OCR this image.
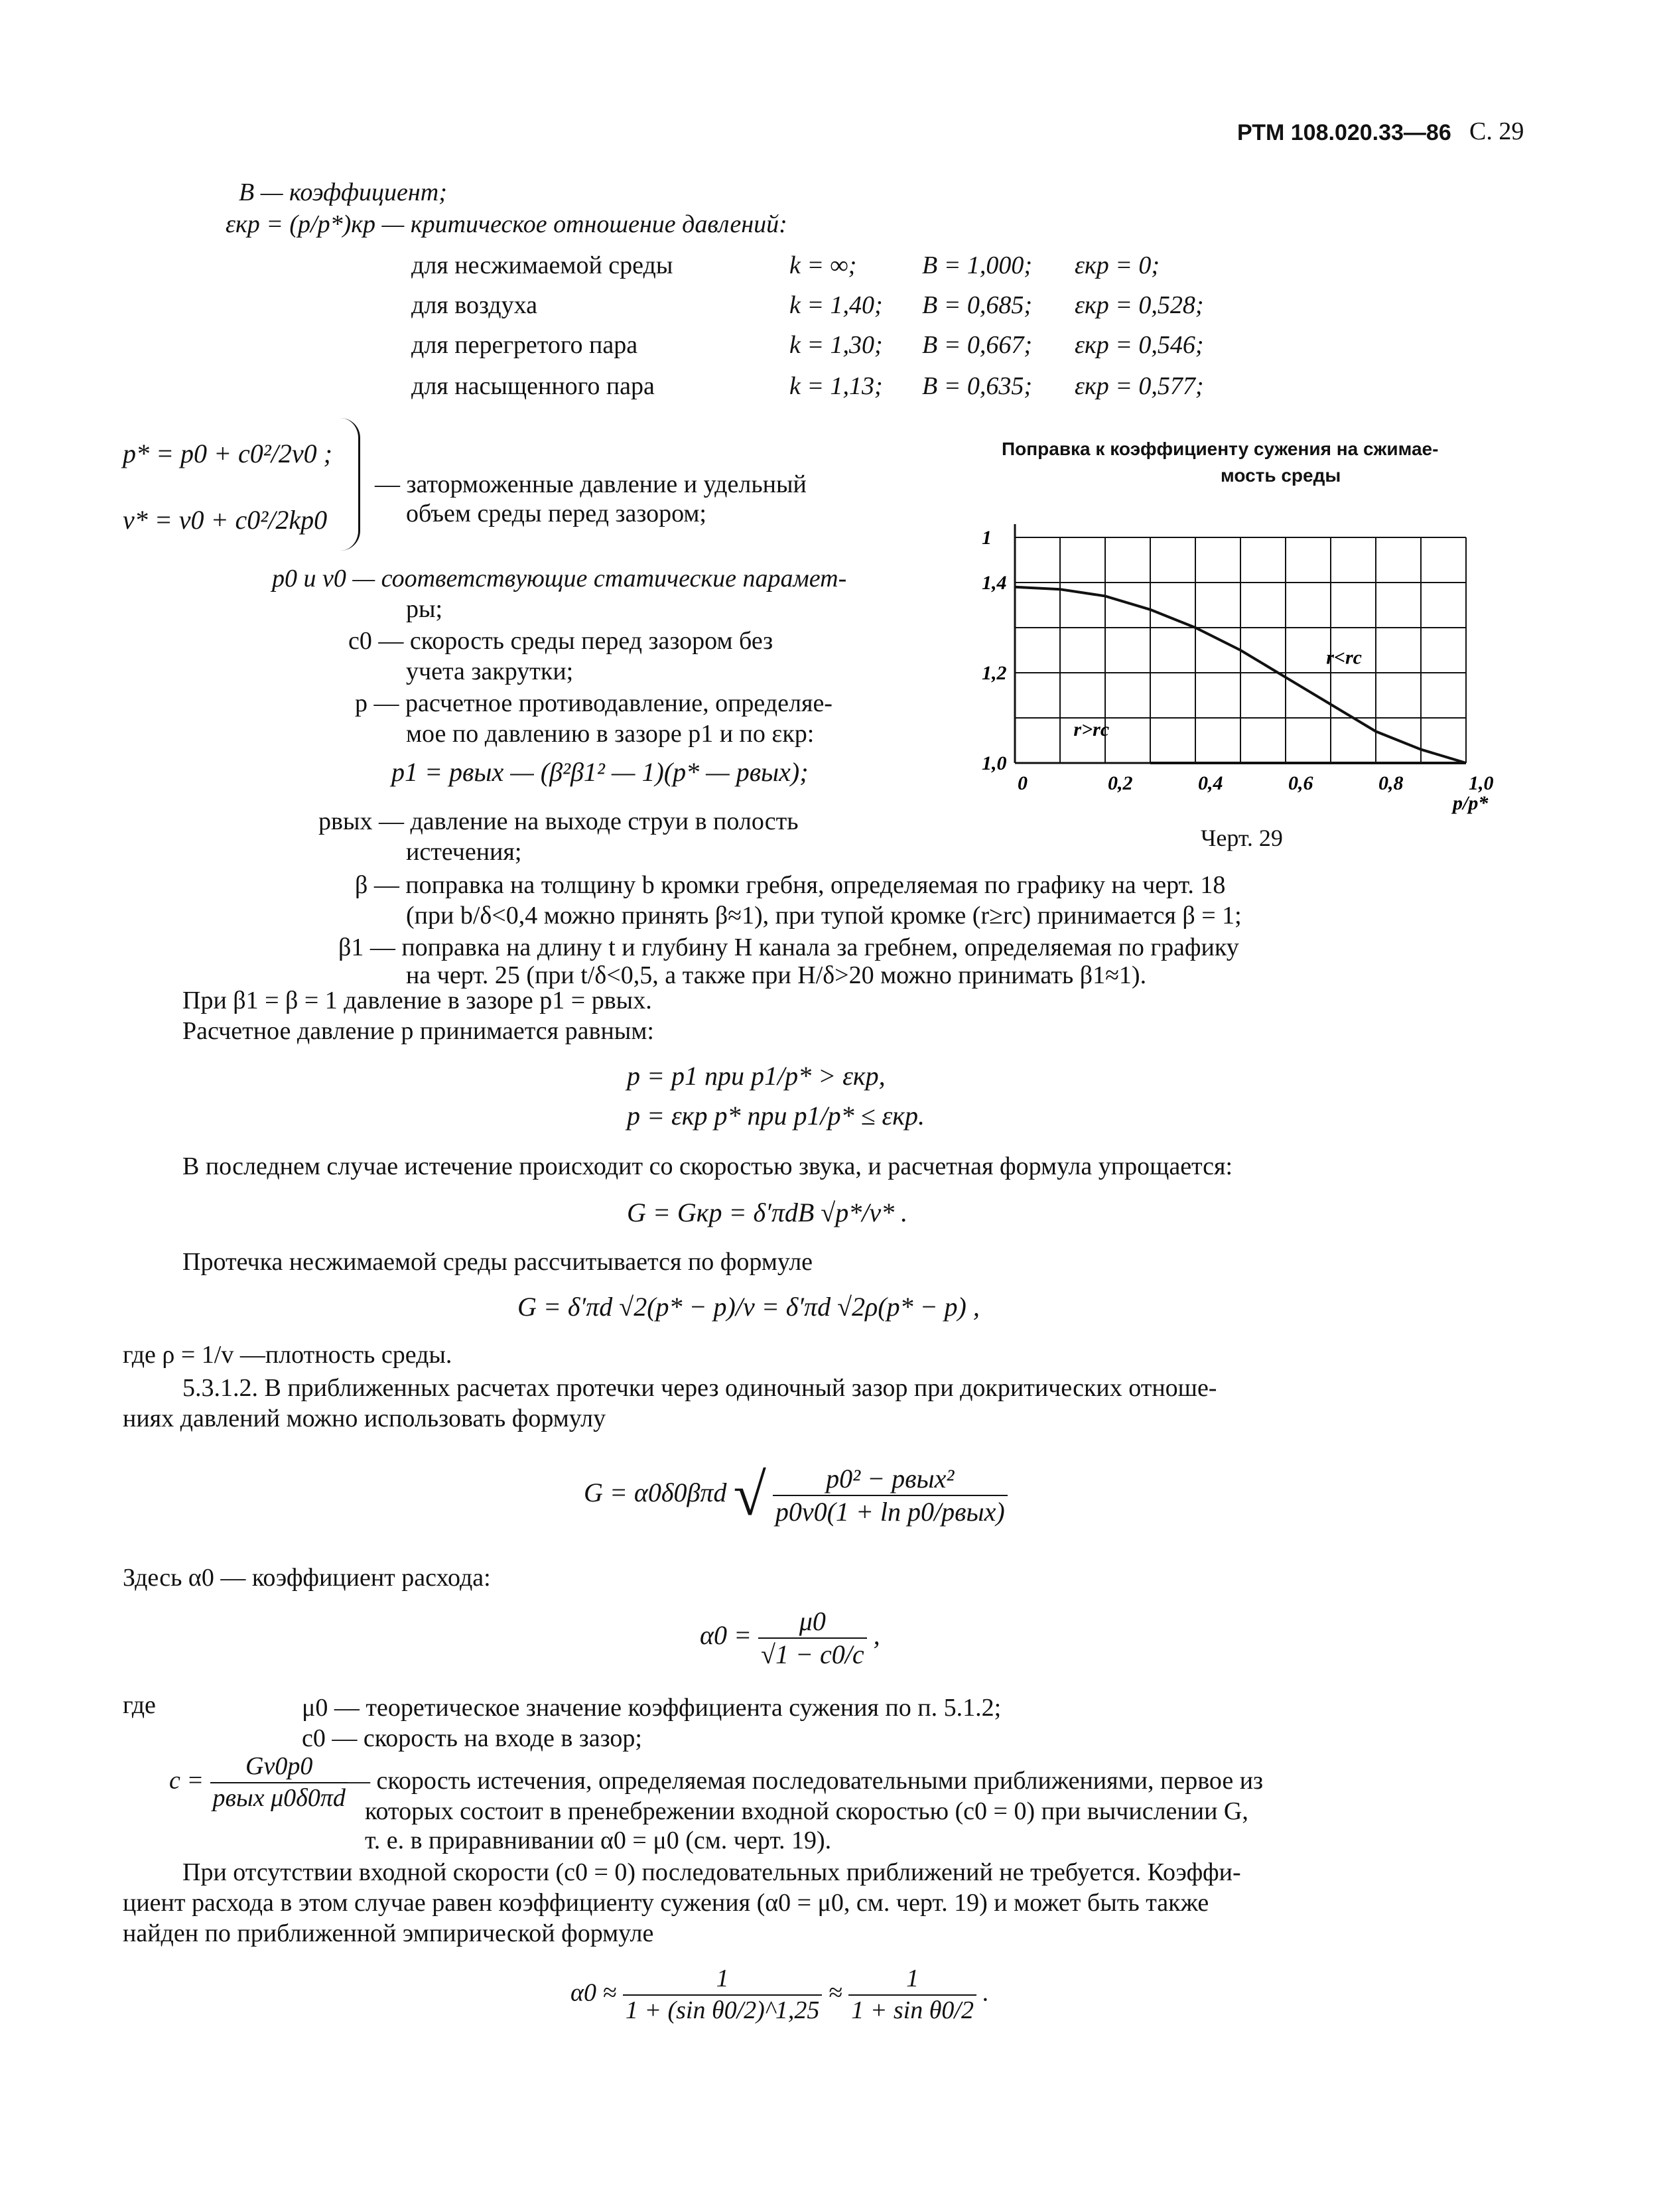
РТМ 108.020.33—86 С. 29
B — коэффициент;
εкр = (p/p*)кр — критическое отношение давлений:
для несжимаемой среды	k = ∞;	B = 1,000; εкр = 0;
для воздуха	k = 1,40; B = 0,685; εкр = 0,528;
для перегретого пара	k = 1,30; B = 0,667; εкр = 0,546;
для насыщенного пара	k = 1,13; B = 0,635; εкр = 0,577;
p* = p0 + c0²/2v0 ;
v* = v0 + c0²/2kp0
— заторможенные давление и удельный
объем среды перед зазором;
p0 и v0 — соответствующие статические парамет-
ры;
c0 — скорость среды перед зазором без
учета закрутки;
p — расчетное противодавление, определяе-
мое по давлению в зазоре p1 и по εкр:
p1 = pвых — (β²β1² — 1)(p* — pвых);
pвых — давление на выходе струи в полость
истечения;
β — поправка на толщину b кромки гребня, определяемая по графику на черт. 18
(при b/δ<0,4 можно принять β≈1), при тупой кромке (r≥rc) принимается β = 1;
β1 — поправка на длину t и глубину H канала за гребнем, определяемая по графику
на черт. 25 (при t/δ<0,5, а также при H/δ>20 можно принимать β1≈1).
Поправка к коэффициенту сужения на сжимае-
мость среды
0	0,2	0,4	0,6	0,8	1,0
1,0
1,2
1,4
1
p/p*
r>rc
r<rc
Черт. 29
При β1 = β = 1 давление в зазоре p1 = pвых.
Расчетное давление p принимается равным:
p = p1 при p1/p* > εкр,
p = εкр p* при p1/p* ≤ εкр.
В последнем случае истечение происходит со скоростью звука, и расчетная формула упрощается:
G = Gкр = δ′πdB √p*/v* .
Протечка несжимаемой среды рассчитывается по формуле
G = δ′πd √2(p* − p)/v = δ′πd √2ρ(p* − p) ,
где ρ = 1/v —плотность среды.
5.3.1.2. В приближенных расчетах протечки через одиночный зазор при докритических отноше-
ниях давлений можно использовать формулу
G = α0δ0βπd √ $\frac{\text{p0² − pвых²}}{\text{p0v0(1 + ln p0/pвых)}}$
Здесь α0 — коэффициент расхода:
$\alpha 0 = \frac{\mu 0}{√1 - c0/c}$ ,
где	μ0 — теоретическое значение коэффициента сужения по п. 5.1.2;
c0 — скорость на входе в зазор;
$c = \frac{Gv0p0}{\text{pвых μ0δ0πd}}$
— скорость истечения, определяемая последовательными приближениями, первое из
которых состоит в пренебрежении входной скоростью (c0 = 0) при вычислении G,
т. е. в приравнивании α0 = μ0 (см. черт. 19).
При отсутствии входной скорости (c0 = 0) последовательных приближений не требуется. Коэффи-
циент расхода в этом случае равен коэффициенту сужения (α0 = μ0, см. черт. 19) и может быть также
найден по приближенной эмпирической формуле
$\alpha 0 \approx \frac{1}{\text{1 + (sin θ0/2)\textasciicircum{}1,25}} \approx \frac{1}{\text{1 + sin θ0/2}}$ .
